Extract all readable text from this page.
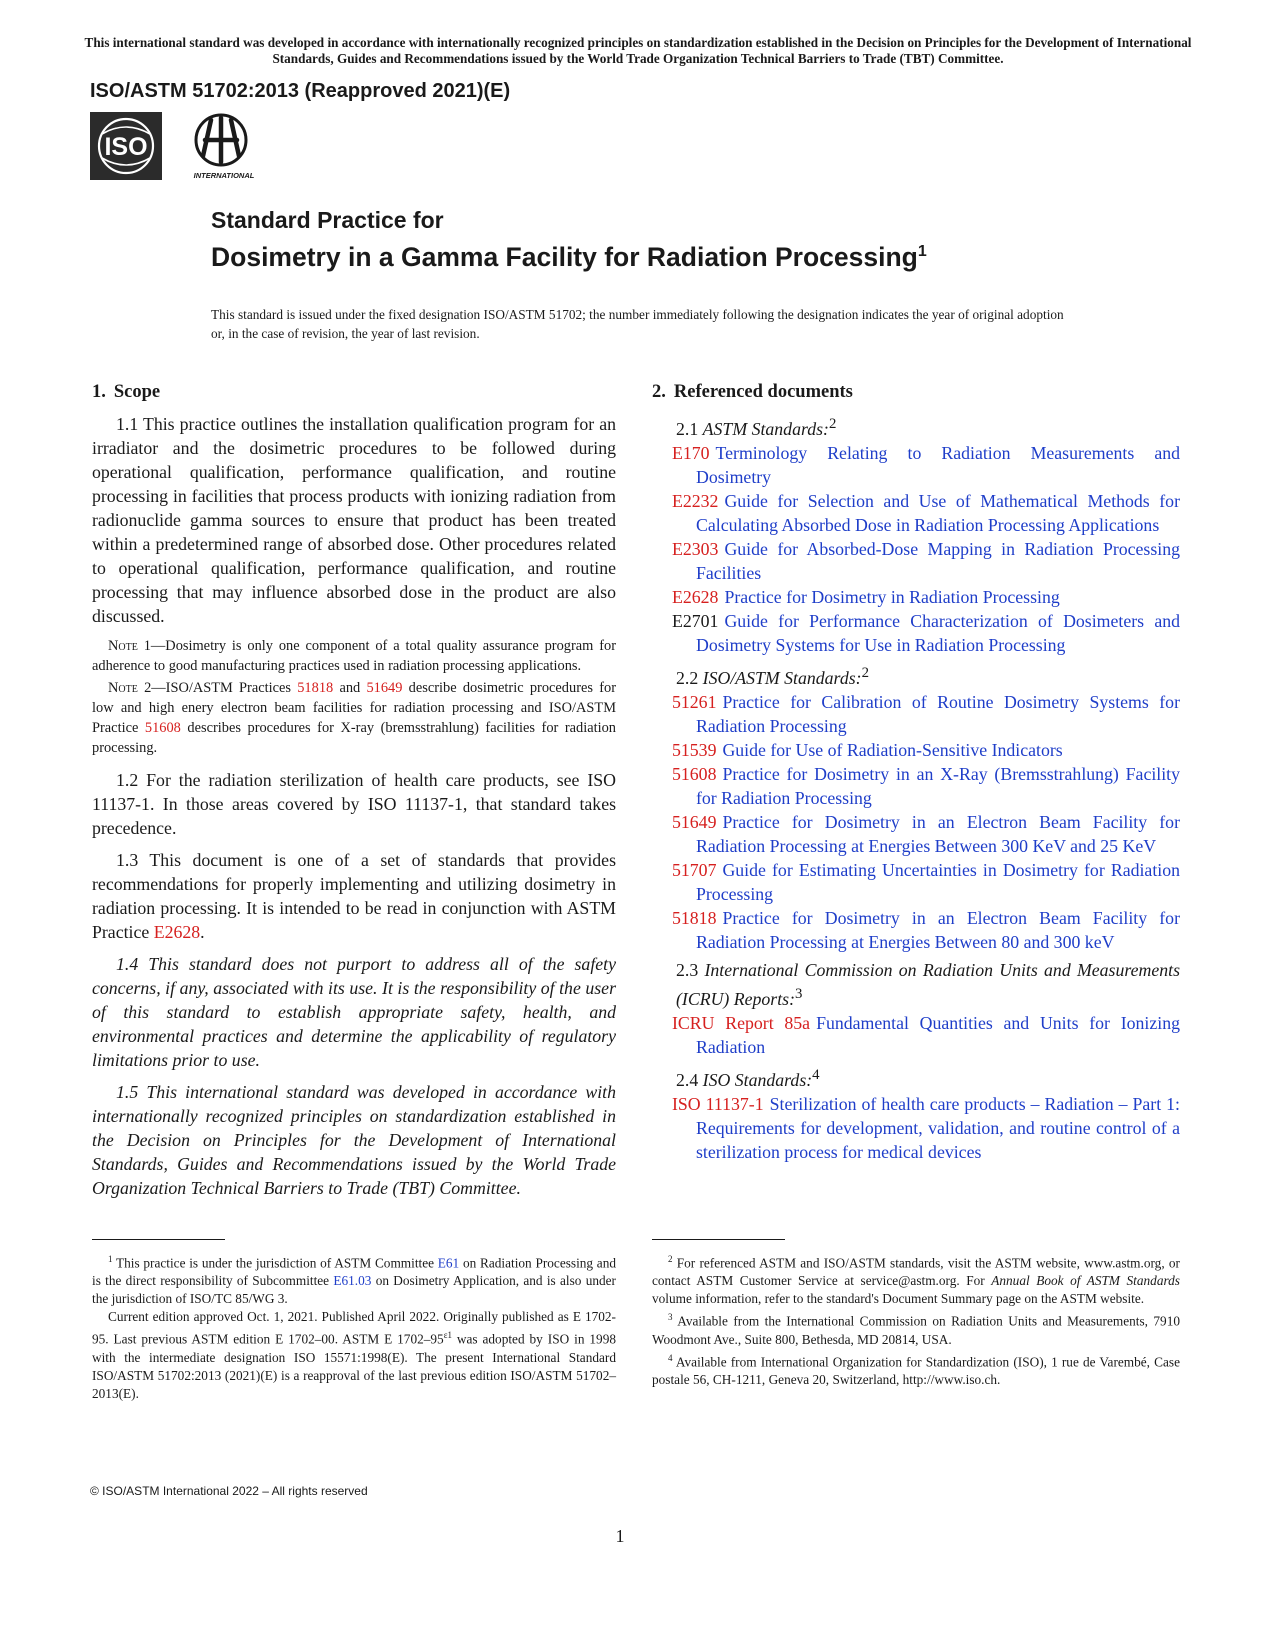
This international standard was developed in accordance with internationally recognized principles on standardization established in the Decision on Principles for the Development of International Standards, Guides and Recommendations issued by the World Trade Organization Technical Barriers to Trade (TBT) Committee.
ISO/ASTM 51702:2013 (Reapproved 2021)(E)
ISO
INTERNATIONAL
Standard Practice for
Dosimetry in a Gamma Facility for Radiation Processing$^1$
This standard is issued under the fixed designation ISO/ASTM 51702; the number immediately following the designation indicates the year of original adoption or, in the case of revision, the year of last revision.
1. Scope

1.1 This practice outlines the installation qualification program for an irradiator and the dosimetric procedures to be followed during operational qualification, performance qualification, and routine processing in facilities that process products with ionizing radiation from radionuclide gamma sources to ensure that product has been treated within a predetermined range of absorbed dose. Other procedures related to operational qualification, performance qualification, and routine processing that may influence absorbed dose in the product are also discussed.

Note 1—Dosimetry is only one component of a total quality assurance program for adherence to good manufacturing practices used in radiation processing applications.

Note 2—ISO/ASTM Practices 51818 and 51649 describe dosimetric procedures for low and high enery electron beam facilities for radiation processing and ISO/ASTM Practice 51608 describes procedures for X-ray (bremsstrahlung) facilities for radiation processing.

1.2 For the radiation sterilization of health care products, see ISO 11137-1. In those areas covered by ISO 11137-1, that standard takes precedence.

1.3 This document is one of a set of standards that provides recommendations for properly implementing and utilizing dosimetry in radiation processing. It is intended to be read in conjunction with ASTM Practice E2628.

1.4 This standard does not purport to address all of the safety concerns, if any, associated with its use. It is the responsibility of the user of this standard to establish appropriate safety, health, and environmental practices and determine the applicability of regulatory limitations prior to use.

1.5 This international standard was developed in accordance with internationally recognized principles on standardization established in the Decision on Principles for the Development of International Standards, Guides and Recommendations issued by the World Trade Organization Technical Barriers to Trade (TBT) Committee.

2. Referenced documents
2.1 ASTM Standards:$^2$
E170 Terminology Relating to Radiation Measurements and Dosimetry
E2232 Guide for Selection and Use of Mathematical Methods for Calculating Absorbed Dose in Radiation Processing Applications
E2303 Guide for Absorbed-Dose Mapping in Radiation Processing Facilities
E2628 Practice for Dosimetry in Radiation Processing
E2701 Guide for Performance Characterization of Dosimeters and Dosimetry Systems for Use in Radiation Processing
2.2 ISO/ASTM Standards:$^2$
51261 Practice for Calibration of Routine Dosimetry Systems for Radiation Processing
51539 Guide for Use of Radiation-Sensitive Indicators
51608 Practice for Dosimetry in an X-Ray (Bremsstrahlung) Facility for Radiation Processing
51649 Practice for Dosimetry in an Electron Beam Facility for Radiation Processing at Energies Between 300 KeV and 25 KeV
51707 Guide for Estimating Uncertainties in Dosimetry for Radiation Processing
51818 Practice for Dosimetry in an Electron Beam Facility for Radiation Processing at Energies Between 80 and 300 keV
2.3 International Commission on Radiation Units and Measurements (ICRU) Reports:$^3$
ICRU Report 85a Fundamental Quantities and Units for Ionizing Radiation
2.4 ISO Standards:$^4$
ISO 11137-1 Sterilization of health care products – Radiation – Part 1: Requirements for development, validation, and routine control of a sterilization process for medical devices

$^1$ This practice is under the jurisdiction of ASTM Committee E61 on Radiation Processing and is the direct responsibility of Subcommittee E61.03 on Dosimetry Application, and is also under the jurisdiction of ISO/TC 85/WG 3.

Current edition approved Oct. 1, 2021. Published April 2022. Originally published as E 1702-95. Last previous ASTM edition E 1702–00. ASTM E $1702-95^{\varepsilon 1}$ was adopted by ISO in 1998 with the intermediate designation ISO 15571:1998(E). The present International Standard ISO/ASTM 51702:2013 (2021)(E) is a reapproval of the last previous edition ISO/ASTM 51702–2013(E).

$^2$ For referenced ASTM and ISO/ASTM standards, visit the ASTM website, www.astm.org, or contact ASTM Customer Service at service@astm.org. For Annual Book of ASTM Standards volume information, refer to the standard's Document Summary page on the ASTM website.

$^3$ Available from the International Commission on Radiation Units and Measurements, 7910 Woodmont Ave., Suite 800, Bethesda, MD 20814, USA.

$^4$ Available from International Organization for Standardization (ISO), 1 rue de Varembé, Case postale 56, CH-1211, Geneva 20, Switzerland, http://www.iso.ch.

© ISO/ASTM International 2022 – All rights reserved
1
